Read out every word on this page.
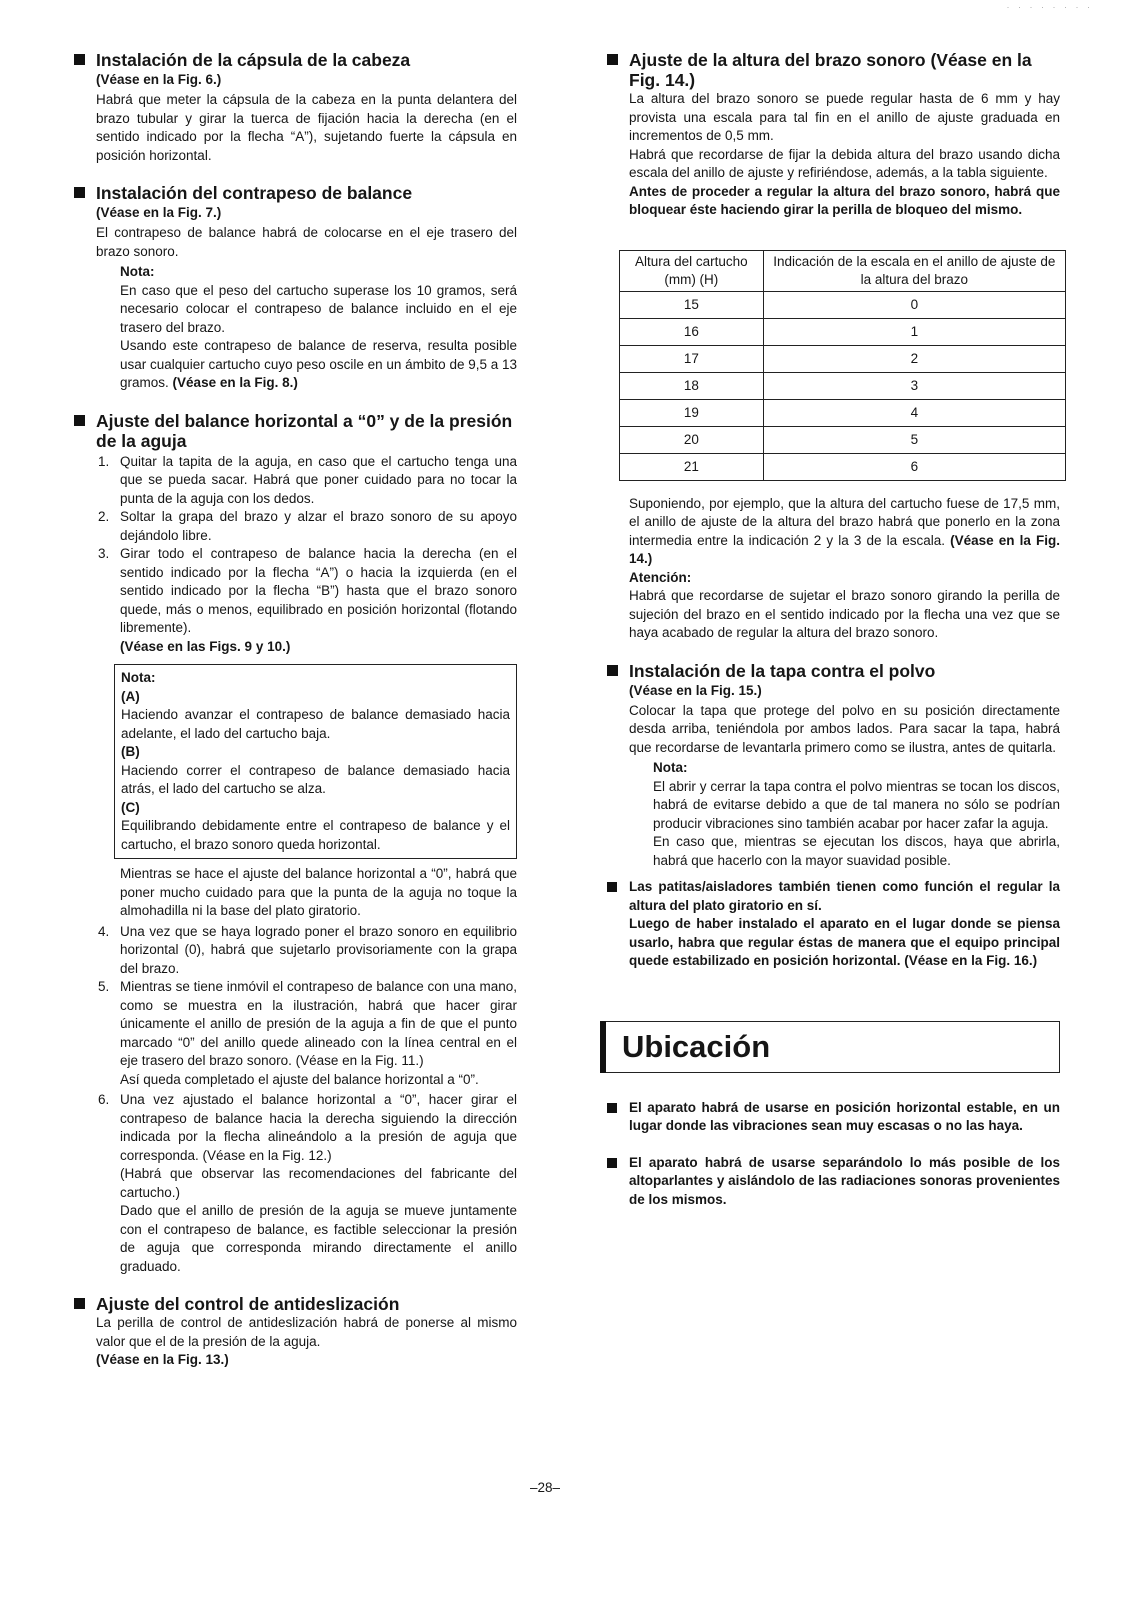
· · · · · · · ·
Instalación de la cápsula de la cabeza
(Véase en la Fig. 6.)

Habrá que meter la cápsula de la cabeza en la punta delantera del brazo tubular y girar la tuerca de fijación hacia la derecha (en el sentido indicado por la flecha “A”), sujetando fuerte la cápsula en posición horizontal.

Instalación del contrapeso de balance
(Véase en la Fig. 7.)

El contrapeso de balance habrá de colocarse en el eje trasero del brazo sonoro.

Nota:

En caso que el peso del cartucho superase los 10 gramos, será necesario colocar el contrapeso de balance incluido en el eje trasero del brazo.

Usando este contrapeso de balance de reserva, resulta posible usar cualquier cartucho cuyo peso oscile en un ámbito de 9,5 a 13 gramos. (Véase en la Fig. 8.)

Ajuste del balance horizontal a “0” y de la presión de la aguja
1. Quitar la tapita de la aguja, en caso que el cartucho tenga una que se pueda sacar. Habrá que poner cuidado para no tocar la punta de la aguja con los dedos.
2. Soltar la grapa del brazo y alzar el brazo sonoro de su apoyo dejándolo libre.
3. Girar todo el contrapeso de balance hacia la derecha (en el sentido indicado por la flecha “A”) o hacia la izquierda (en el sentido indicado por la flecha “B”) hasta que el brazo sonoro quede, más o menos, equilibrado en posición horizontal (flotando libremente).
(Véase en las Figs. 9 y 10.)
Nota:
(A)
Haciendo avanzar el contrapeso de balance demasiado hacia adelante, el lado del cartucho baja.
(B)
Haciendo correr el contrapeso de balance demasiado hacia atrás, el lado del cartucho se alza.
(C)
Equilibrando debidamente entre el contrapeso de balance y el cartucho, el brazo sonoro queda horizontal.
Mientras se hace el ajuste del balance horizontal a “0”, habrá que poner mucho cuidado para que la punta de la aguja no toque la almohadilla ni la base del plato giratorio.
4. Una vez que se haya logrado poner el brazo sonoro en equilibrio horizontal (0), habrá que sujetarlo provisoriamente con la grapa del brazo.
5. Mientras se tiene inmóvil el contrapeso de balance con una mano, como se muestra en la ilustración, habrá que hacer girar únicamente el anillo de presión de la aguja a fin de que el punto marcado “0” del anillo quede alineado con la línea central en el eje trasero del brazo sonoro. (Véase en la Fig. 11.)
Así queda completado el ajuste del balance horizontal a “0”.
6. Una vez ajustado el balance horizontal a “0”, hacer girar el contrapeso de balance hacia la derecha siguiendo la dirección indicada por la flecha alineándolo a la presión de aguja que corresponda. (Véase en la Fig. 12.)
(Habrá que observar las recomendaciones del fabricante del cartucho.)
Dado que el anillo de presión de la aguja se mueve juntamente con el contrapeso de balance, es factible seleccionar la presión de aguja que corresponda mirando directamente el anillo graduado.
Ajuste del control de antideslización

La perilla de control de antideslización habrá de ponerse al mismo valor que el de la presión de la aguja.

(Véase en la Fig. 13.)
Ajuste de la altura del brazo sonoro (Véase en la Fig. 14.)

La altura del brazo sonoro se puede regular hasta de 6 mm y hay provista una escala para tal fin en el anillo de ajuste graduada en incrementos de 0,5 mm.

Habrá que recordarse de fijar la debida altura del brazo usando dicha escala del anillo de ajuste y refiriéndose, además, a la tabla siguiente.

Antes de proceder a regular la altura del brazo sonoro, habrá que bloquear éste haciendo girar la perilla de bloqueo del mismo.

Altura del cartucho (mm) (H)	Indicación de la escala en el anillo de ajuste de la altura del brazo
15	0
16	1
17	2
18	3
19	4
20	5
21	6

Suponiendo, por ejemplo, que la altura del cartucho fuese de 17,5 mm, el anillo de ajuste de la altura del brazo habrá que ponerlo en la zona intermedia entre la indicación 2 y la 3 de la escala. (Véase en la Fig. 14.)

Atención:

Habrá que recordarse de sujetar el brazo sonoro girando la perilla de sujeción del brazo en el sentido indicado por la flecha una vez que se haya acabado de regular la altura del brazo sonoro.

Instalación de la tapa contra el polvo
(Véase en la Fig. 15.)

Colocar la tapa que protege del polvo en su posición directamente desda arriba, teniéndola por ambos lados. Para sacar la tapa, habrá que recordarse de levantarla primero como se ilustra, antes de quitarla.

Nota:

El abrir y cerrar la tapa contra el polvo mientras se tocan los discos, habrá de evitarse debido a que de tal manera no sólo se podrían producir vibraciones sino también acabar por hacer zafar la aguja.

En caso que, mientras se ejecutan los discos, haya que abrirla, habrá que hacerlo con la mayor suavidad posible.

Las patitas/aisladores también tienen como función el regular la altura del plato giratorio en sí.
Luego de haber instalado el aparato en el lugar donde se piensa usarlo, habra que regular éstas de manera que el equipo principal quede estabilizado en posición horizontal. (Véase en la Fig. 16.)
Ubicación
El aparato habrá de usarse en posición horizontal estable, en un lugar donde las vibraciones sean muy escasas o no las haya.
El aparato habrá de usarse separándolo lo más posible de los altoparlantes y aislándolo de las radiaciones sonoras provenientes de los mismos.
–28–
